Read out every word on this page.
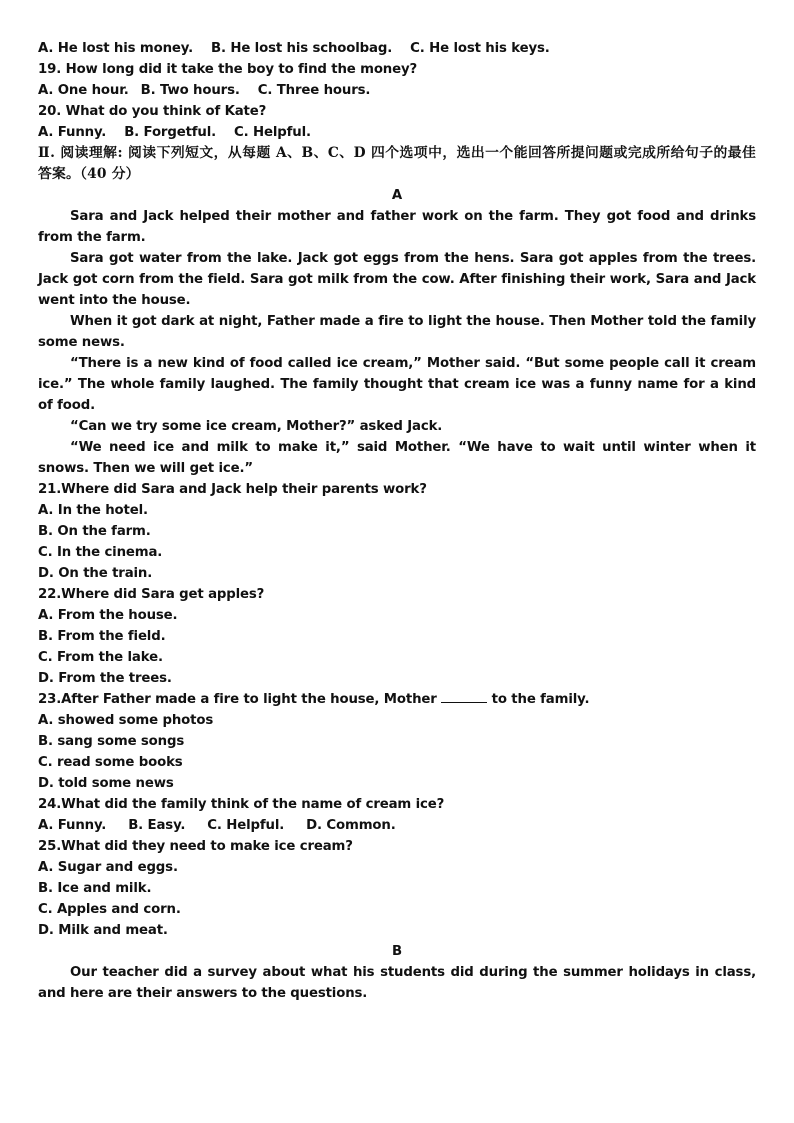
A. He lost his money. B. He lost his schoolbag. C. He lost his keys.
19. How long did it take the boy to find the money?
A. One hour. B. Two hours. C. Three hours.
20. What do you think of Kate?
A. Funny. B. Forgetful. C. Helpful.

Ⅱ. 阅读理解: 阅读下列短文，从每题 A、B、C、D 四个选项中，选出一个能回答所提问题或完成所给句子的最佳答案。（40 分）

A

Sara and Jack helped their mother and father work on the farm. They got food and drinks from the farm.

Sara got water from the lake. Jack got eggs from the hens. Sara got apples from the trees. Jack got corn from the field. Sara got milk from the cow. After finishing their work, Sara and Jack went into the house.

When it got dark at night, Father made a fire to light the house. Then Mother told the family some news.

“There is a new kind of food called ice cream,” Mother said. “But some people call it cream ice.” The whole family laughed. The family thought that cream ice was a funny name for a kind of food.

“Can we try some ice cream, Mother?” asked Jack.

“We need ice and milk to make it,” said Mother. “We have to wait until winter when it snows. Then we will get ice.”

21.Where did Sara and Jack help their parents work?
A. In the hotel.
B. On the farm.
C. In the cinema.
D. On the train.
22.Where did Sara get apples?
A. From the house.
B. From the field.
C. From the lake.
D. From the trees.
23.After Father made a fire to light the house, Mother	to the family.
A. showed some photos
B. sang some songs
C. read some books
D. told some news
24.What did the family think of the name of cream ice?
A. Funny. B. Easy. C. Helpful. D. Common.
25.What did they need to make ice cream?
A. Sugar and eggs.
B. Ice and milk.
C. Apples and corn.
D. Milk and meat.
B

Our teacher did a survey about what his students did during the summer holidays in class, and here are their answers to the questions.
